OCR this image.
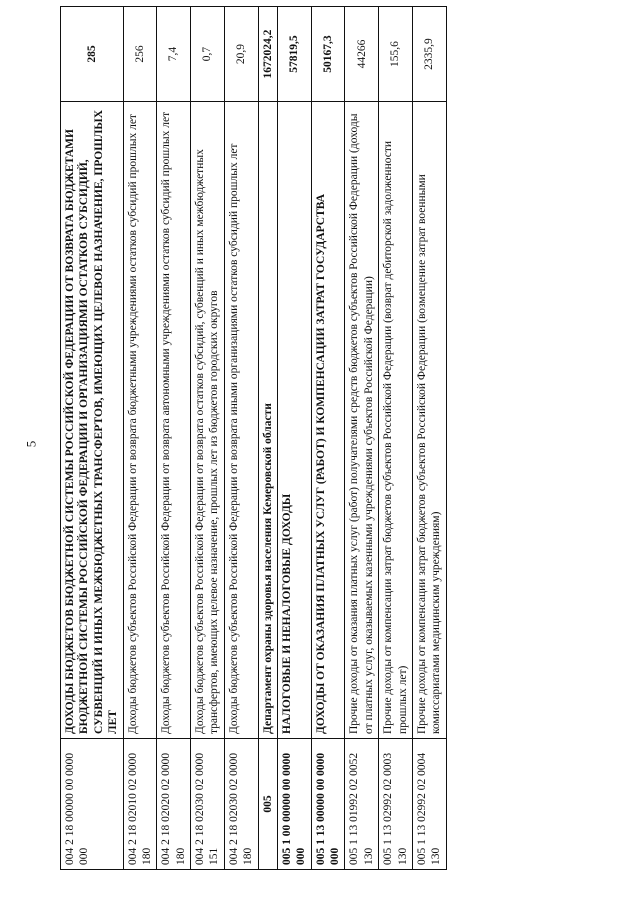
5
004 2 18 00000 00 0000 000	ДОХОДЫ БЮДЖЕТОВ БЮДЖЕТНОЙ СИСТЕМЫ РОССИЙСКОЙ ФЕДЕРАЦИИ ОТ ВОЗВРАТА БЮДЖЕТАМИ БЮДЖЕТНОЙ СИСТЕМЫ РОССИЙСКОЙ ФЕДЕРАЦИИ И ОРГАНИЗАЦИЯМИ ОСТАТКОВ СУБСИДИЙ, СУБВЕНЦИЙ И ИНЫХ МЕЖБЮДЖЕТНЫХ ТРАНСФЕРТОВ, ИМЕЮЩИХ ЦЕЛЕВОЕ НАЗНАЧЕНИЕ, ПРОШЛЫХ ЛЕТ	285
004 2 18 02010 02 0000 180	Доходы бюджетов субъектов Российской Федерации от возврата бюджетными учреждениями остатков субсидий прошлых лет	256
004 2 18 02020 02 0000 180	Доходы бюджетов субъектов Российской Федерации от возврата автономными учреждениями остатков субсидий прошлых лет	7,4
004 2 18 02030 02 0000 151	Доходы бюджетов субъектов Российской Федерации от возврата остатков субсидий, субвенций и иных межбюджетных трансфертов, имеющих целевое назначение, прошлых лет из бюджетов городских округов	0,7
004 2 18 02030 02 0000 180	Доходы бюджетов субъектов Российской Федерации от возврата иными организациями остатков субсидий прошлых лет	20,9
005	Департамент охраны здоровья населения Кемеровской области	1672024,2
005 1 00 00000 00 0000 000	НАЛОГОВЫЕ И НЕНАЛОГОВЫЕ ДОХОДЫ	57819,5
005 1 13 00000 00 0000 000	ДОХОДЫ ОТ ОКАЗАНИЯ ПЛАТНЫХ УСЛУГ (РАБОТ) И КОМПЕНСАЦИИ ЗАТРАТ ГОСУДАРСТВА	50167,3
005 1 13 01992 02 0052 130	Прочие доходы от оказания платных услуг (работ) получателями средств бюджетов субъектов Российской Федерации (доходы от платных услуг, оказываемых казенными учреждениями субъектов Российской Федерации)	44266
005 1 13 02992 02 0003 130	Прочие доходы от компенсации затрат бюджетов субъектов Российской Федерации (возврат дебиторской задолженности прошлых лет)	155,6
005 1 13 02992 02 0004 130	Прочие доходы от компенсации затрат бюджетов субъектов Российской Федерации (возмещение затрат военными комиссариатами медицинским учреждениям)	2335,9
